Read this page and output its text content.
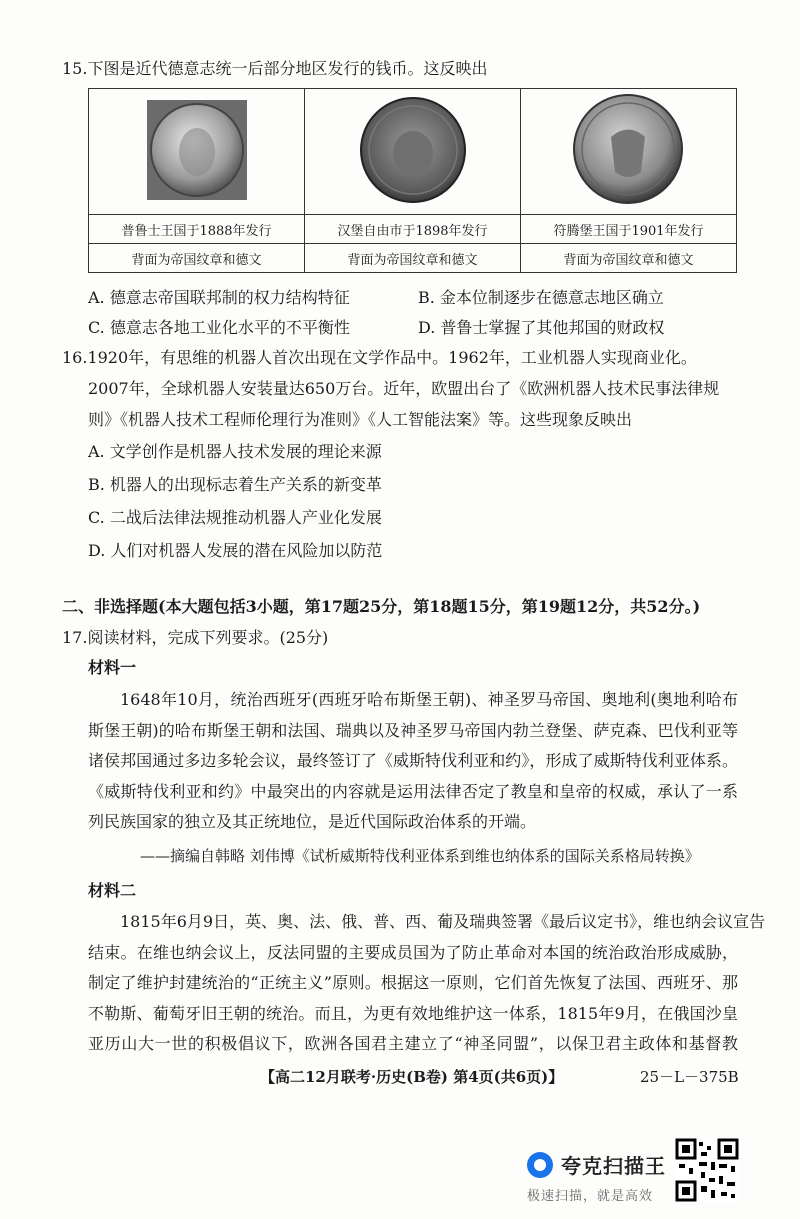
15.下图是近代德意志统一后部分地区发行的钱币。这反映出

普鲁士王国于1888年发行	汉堡自由市于1898年发行	符腾堡王国于1901年发行
背面为帝国纹章和德文	背面为帝国纹章和德文	背面为帝国纹章和德文
A. 德意志帝国联邦制的权力结构特征	B. 金本位制逐步在德意志地区确立
C. 德意志各地工业化水平的不平衡性	D. 普鲁士掌握了其他邦国的财政权
16.1920年，有思维的机器人首次出现在文学作品中。1962年，工业机器人实现商业化。
2007年，全球机器人安装量达650万台。近年，欧盟出台了《欧洲机器人技术民事法律规
则》《机器人技术工程师伦理行为准则》《人工智能法案》等。这些现象反映出
A. 文学创作是机器人技术发展的理论来源
B. 机器人的出现标志着生产关系的新变革
C. 二战后法律法规推动机器人产业化发展
D. 人们对机器人发展的潜在风险加以防范
二、非选择题(本大题包括3小题，第17题25分，第18题15分，第19题12分，共52分。)
17.阅读材料，完成下列要求。(25分)
材料一
1648年10月，统治西班牙(西班牙哈布斯堡王朝)、神圣罗马帝国、奥地利(奥地利哈布
斯堡王朝)的哈布斯堡王朝和法国、瑞典以及神圣罗马帝国内勃兰登堡、萨克森、巴伐利亚等
诸侯邦国通过多边多轮会议，最终签订了《威斯特伐利亚和约》，形成了威斯特伐利亚体系。
《威斯特伐利亚和约》中最突出的内容就是运用法律否定了教皇和皇帝的权威，承认了一系
列民族国家的独立及其正统地位，是近代国际政治体系的开端。
——摘编自韩略 刘伟博《试析威斯特伐利亚体系到维也纳体系的国际关系格局转换》
材料二
1815年6月9日，英、奥、法、俄、普、西、葡及瑞典签署《最后议定书》，维也纳会议宣告
结束。在维也纳会议上，反法同盟的主要成员国为了防止革命对本国的统治政治形成威胁，
制定了维护封建统治的“正统主义”原则。根据这一原则，它们首先恢复了法国、西班牙、那
不勒斯、葡萄牙旧王朝的统治。而且，为更有效地维护这一体系，1815年9月，在俄国沙皇
亚历山大一世的积极倡议下，欧洲各国君主建立了“神圣同盟”，以保卫君主政体和基督教
【高二12月联考·历史(B卷) 第4页(共6页)】	25－L－375B
夸克扫描王
极速扫描，就是高效
